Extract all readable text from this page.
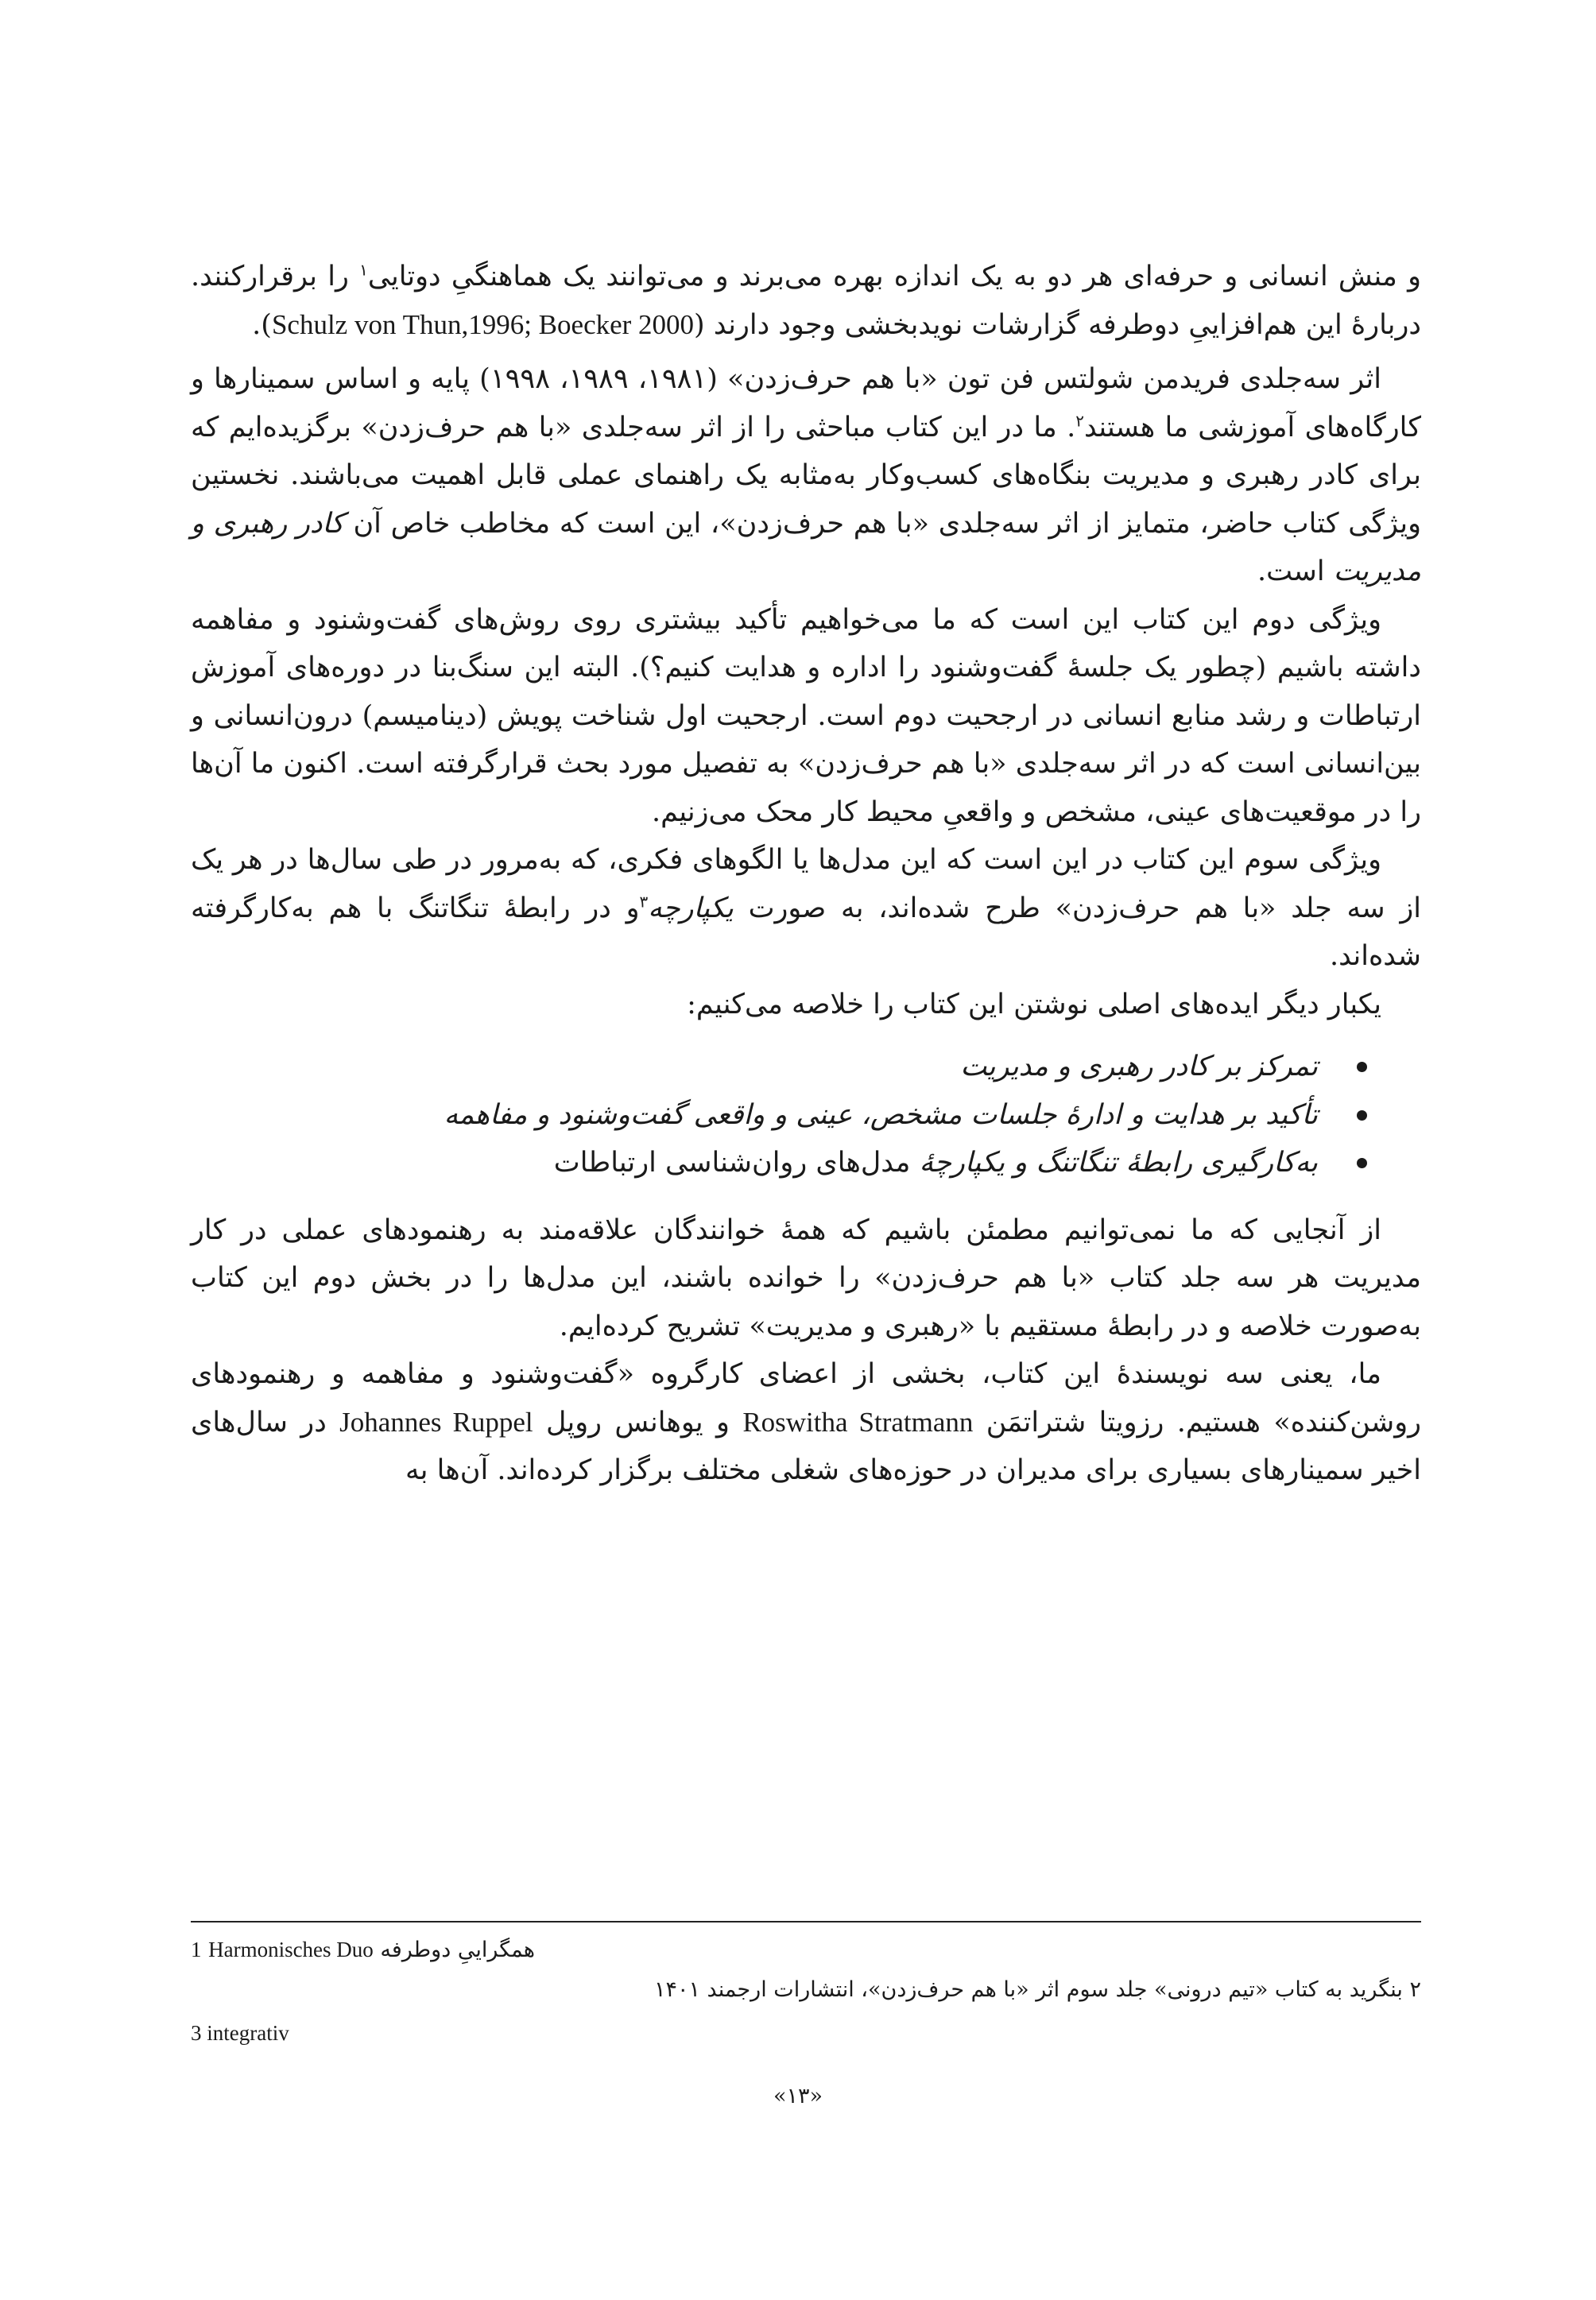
و منش انسانی و حرفه‌ای هر دو به یک اندازه بهره می‌برند و می‌توانند یک هماهنگیِ دوتایی$^۱$ را برقرارکنند. دربارهٔ این هم‌افزاییِ دوطرفه گزارشات نویدبخشی وجود دارند (Schulz von Thun,1996; Boecker 2000).

اثر سه‌جلدی فریدمن شولتس فن تون «با هم حرف‌زدن» (۱۹۸۱، ۱۹۸۹، ۱۹۹۸) پایه و اساس سمینارها و کارگاه‌های آموزشی ما هستند$^۲$. ما در این کتاب مباحثی را از اثر سه‌جلدی «با هم حرف‌زدن» برگزیده‌ایم که برای کادر رهبری و مدیریت بنگاه‌های کسب‌وکار به‌مثابه یک راهنمای عملی قابل اهمیت می‌باشند. نخستین ویژگی کتاب حاضر، متمایز از اثر سه‌جلدی «با هم حرف‌زدن»، این است که مخاطب خاص آن کادر رهبری و مدیریت است.

ویژگی دوم این کتاب این است که ما می‌خواهیم تأکید بیشتری روی روش‌های گفت‌وشنود و مفاهمه داشته باشیم (چطور یک جلسهٔ گفت‌وشنود را اداره و هدایت کنیم؟). البته این سنگ‌بنا در دوره‌های آموزش ارتباطات و رشد منابع انسانی در ارجحیت دوم است. ارجحیت اول شناخت پویش (دینامیسم) درون‌انسانی و بین‌انسانی است که در اثر سه‌جلدی «با هم حرف‌زدن» به تفصیل مورد بحث قرارگرفته است. اکنون ما آن‌ها را در موقعیت‌های عینی، مشخص و واقعیِ محیط کار محک می‌زنیم.

ویژگی سوم این کتاب در این است که این مدل‌ها یا الگوهای فکری، که به‌مرور در طی سال‌ها در هر یک از سه جلد «با هم حرف‌زدن» طرح شده‌اند، به صورت یکپارچه$^۳$و در رابطهٔ تنگاتنگ با هم به‌کارگرفته شده‌اند.

یکبار دیگر ایده‌های اصلی نوشتن این کتاب را خلاصه می‌کنیم:

تمرکز بر کادر رهبری و مدیریت
تأکید بر هدایت و ادارهٔ جلسات مشخص، عینی و واقعی گفت‌وشنود و مفاهمه
به‌کارگیری رابطهٔ تنگاتنگ و یکپارچهٔ مدل‌های روان‌شناسی ارتباطات

از آنجایی که ما نمی‌توانیم مطمئن باشیم که همهٔ خوانندگان علاقه‌مند به رهنمودهای عملی در کار مدیریت هر سه جلد کتاب «با هم حرف‌زدن» را خوانده باشند، این مدل‌ها را در بخش دوم این کتاب به‌صورت خلاصه و در رابطهٔ مستقیم با «رهبری و مدیریت» تشریح کرده‌ایم.

ما، یعنی سه نویسندهٔ این کتاب، بخشی از اعضای کارگروه «گفت‌وشنود و مفاهمه و رهنمودهای روشن‌کننده» هستیم. رزویتا شتراتمَن Roswitha Stratmann و یوهانس روپل Johannes Ruppel در سال‌های اخیر سمینارهای بسیاری برای مدیران در حوزه‌های شغلی مختلف برگزار کرده‌اند. آن‌ها به

1 Harmonisches Duo همگراییِ دوطرفه
۲ بنگرید به کتاب «تیم درونی» جلد سوم اثر «با هم حرف‌زدن»، انتشارات ارجمند ۱۴۰۱
3 integrativ
«۱۳»
